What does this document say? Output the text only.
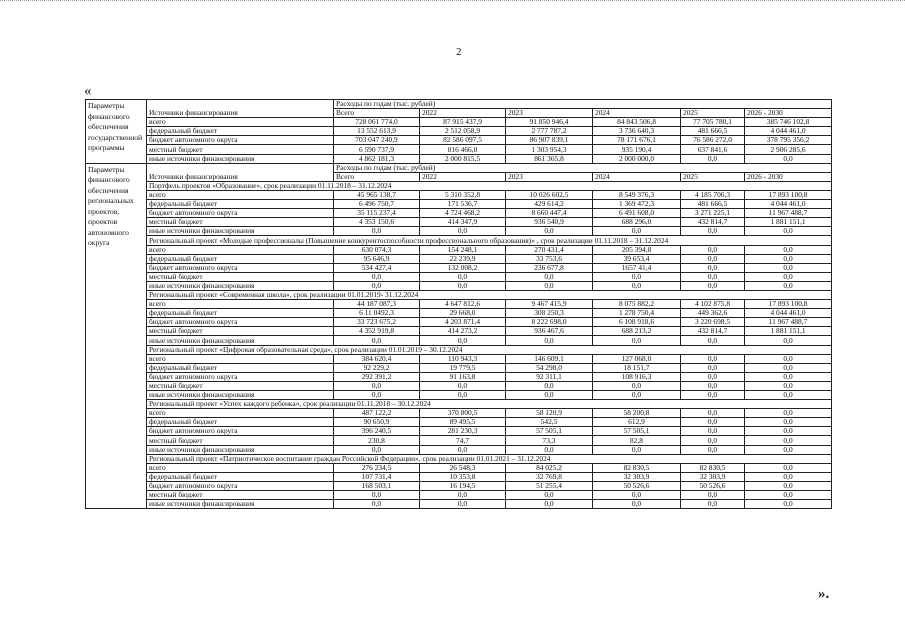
2
«
Параметры финансового обеспечения государственной программы	Источники финансирования	Расходы по годам (тыс. рублей)					
		Всего	2022	2023	2024	2025	2026 - 2030
	всего	728 061 774,0	87 915 437,9	91 850 946,4	84 843 506,8	77 705 780,1	385 746 102,8
	федеральный бюджет	13 552 613,9	2 512 058,9	2 777 787,2	3 736 640,3	481 666,5	4 044 461,0
	бюджет автономного округа	703 047 240,9	82 586 097,5	86 907 839,1	78 171 676,1	76 586 272,0	378 795 356,2
	местный бюджет	6 590 737,9	816 466,0	1 303 954,3	935 190,4	637 841,6	2 906 285,6
	иные источники финансирования	4 862 181,3	2 000 815,5	861 365,8	2 000 000,0	0,0	0,0
Параметры финансового обеспечения региональных проектов, проектов автономного округа	Источники финансирования	Расходы по годам (тыс. рублей)					
		Всего	2022	2023	2024	2025	2026 - 2030
	Портфель проектов «Образование», срок реализации 01.11.2018 – 31.12.2024						
	всего	45 965 138,7	5 310 352,8	10 026 602,5	8 549 376,3	4 185 706,3	17 893 100,8
	федеральный бюджет	6 496 750,7	171 536,7	429 614,2	1 369 472,3	481 666,5	4 044 461,0
	бюджет автономного округа	35 115 237,4	4 724 468,2	8 660 447,4	6 491 608,0	3 271 225,1	11 967 488,7
	местный бюджет	4 353 150,6	414 347,9	936 540,9	688 296,0	432 814,7	1 881 151,1
	иные источники финансирования	0,0	0,0	0,0	0,0	0,0	0,0
	Региональный проект «Молодые профессионалы (Повышение конкурентоспособности профессионального образования)» , срок реализации 01.11.2018 – 31.12.2024						
	всего	630 074,3	154 248,1	270 431,4	205 394,8	0,0	0,0
	федеральный бюджет	95 646,9	22 239,9	33 753,6	39 653,4	0,0	0,0
	бюджет автономного округа	534 427,4	132 008,2	236 677,8	1657 41,4	0,0	0,0
	местный бюджет	0,0	0,0	0,0	0,0	0,0	0,0
	иные источники финансирования	0,0	0,0	0,0	0,0	0,0	0,0
	Региональный проект «Современная школа», срок реализации 01.01.2019- 31.12.2024						
	всего	44 187 087,3	4 647 812,6	9 467 415,9	8 075 882,2	4 102 875,8	17 893 100,8
	федеральный бюджет	6 11 0492,3	29 668,0	308 250,3	1 278 750,4	449 362,6	4 044 461,0
	бюджет автономного округа	33 723 675,2	4 203 871,4	8 222 698,0	6 108 918,6	3 220 698,5	11 967 488,7
	местный бюджет	4 352 919,8	414 273,2	936 467,6	688 213,2	432 814,7	1 881 151,1
	иные источники финансирования	0,0	0,0	0,0	0,0	0,0	0,0
	Региональный проект «Цифровая образовательная среда», срок реализации 01.01.2019 – 30.12.2024						
	всего	384 620,4	110 943,3	146 609,1	127 068,0	0,0	0,0
	федеральный бюджет	92 229,2	19 779,5	54 298,0	18 151,7	0,0	0,0
	бюджет автономного округа	292 391,2	91 163,8	92 311,1	108 916,3	0,0	0,0
	местный бюджет	0,0	0,0	0,0	0,0	0,0	0,0
	иные источники финансирования	0,0	0,0	0,0	0,0	0,0	0,0
	Региональный проект «Успех каждого ребенка», срок реализации 01.11.2018 – 30.12.2024						
	всего	487 122,2	370 800,5	58 120,9	58 200,8	0,0	0,0
	федеральный бюджет	90 650,9	89 495,5	542,5	612,9	0,0	0,0
	бюджет автономного округа	396 240,5	281 230,3	57 505,1	57 505,1	0,0	0,0
	местный бюджет	230,8	74,7	73,3	82,8	0,0	0,0
	иные источники финансирования	0,0	0,0	0,0	0,0	0,0	0,0
	Региональный проект «Патриотическое воспитание граждан Российской Федерации», срок реализации 01.01.2021 – 31.12.2024						
	всего	276 234,5	26 548,3	84 025,2	82 830,5	82 830,5	0,0
	федеральный бюджет	107 731,4	10 353,8	32 769,8	32 303,9	32 303,9	0,0
	бюджет автономного округа	168 503,1	16 194,5	51 255,4	50 526,6	50 526,6	0,0
	местный бюджет	0,0	0,0	0,0	0,0	0,0	0,0
	иные источники финансирования	0,0	0,0	0,0	0,0	0,0	0,0
».
